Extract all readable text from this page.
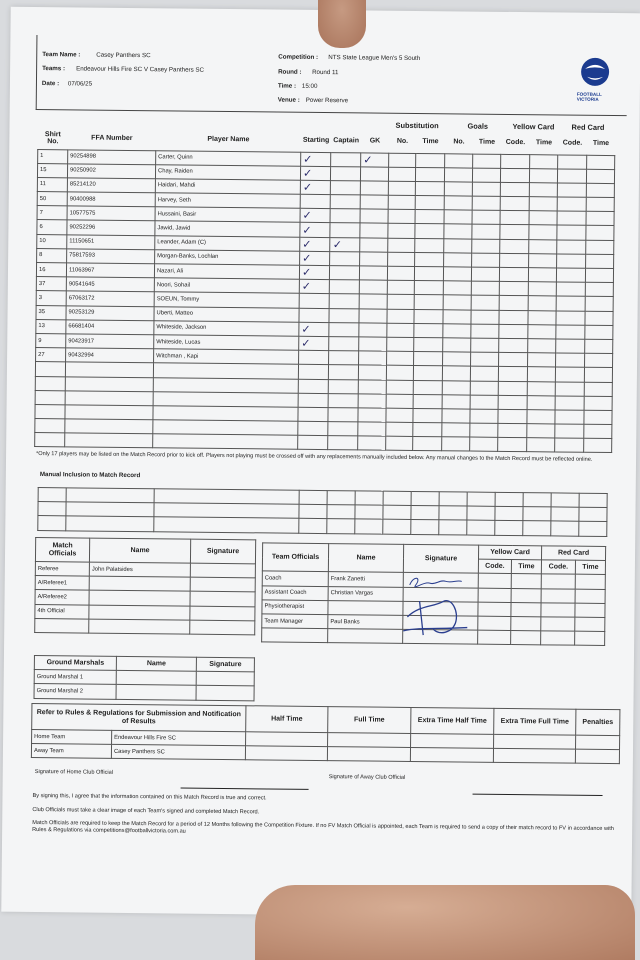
Team Name :	Casey Panthers SC
Teams : Endeavour Hills Fire SC V Casey Panthers SC
Date : 07/06/25
Competition : NTS State League Men's 5 South
Round : Round 11
Time : 15:00
Venue : Power Reserve
FOOTBALL
VICTORIA
Substitution	Goals	Yellow Card Red Card
Shirt No.	FFA Number	Player Name	Starting	Captain	GK	No.	Time	No.	Time	Code.	Time	Code.	Time
1	90254898	Carter, Quinn	✓		✓								
15	90250902	Chay, Raiden	✓										
11	85214120	Haidari, Mahdi	✓										
50	90400988	Harvey, Seth											
7	10577575	Hussaini, Basir	✓										
6	90252296	Jawid, Jawid	✓										
10	11150651	Leander, Adam (C)	✓	✓									
8	75817593	Morgan-Banks, Lochlan	✓										
16	11063967	Nazari, Ali	✓										
37	90541645	Noori, Sohail	✓										
3	67063172	SOEUN, Tommy											
35	90253129	Uberti, Matteo											
13	66681404	Whiteside, Jackson	✓										
9	90423917	Whiteside, Lucas	✓										
27	90432994	Witchman , Kapi											

*Only 17 players may be listed on the Match Record prior to kick off. Players not playing must be crossed off with any replacements manually included below. Any manual changes to the Match Record must be reflected online.
Manual Inclusion to Match Record

Match Officials	Name	Signature
Referee	John Palatsides	
A/Referee1		
A/Referee2		
4th Official		

Team Officials	Name	Signature	Yellow Card		Red Card	
			Code.	Time	Code.	Time
Coach	Frank Zanetti					
Assistant Coach	Christian Vargas					
Physiotherapist						
Team Manager	Paul Banks					

Ground Marshals	Name	Signature
Ground Marshal 1		
Ground Marshal 2		
Refer to Rules & Regulations for Submission and Notification of Results		Half Time	Full Time	Extra Time Half Time	Extra Time Full Time	Penalties
Home Team	Endeavour Hills Fire SC					
Away Team	Casey Panthers SC					
Signature of Home Club Official
Signature of Away Club Official
By signing this, I agree that the information contained on this Match Record is true and correct.
Club Officials must take a clear image of each Team's signed and completed Match Record.
Match Officials are required to keep the Match Record for a period of 12 Months following the Competition Fixture. If no FV Match Official is appointed, each Team is required to send a copy of their match record to FV in accordance with Rules & Regulations via competitions@footballvictoria.com.au
